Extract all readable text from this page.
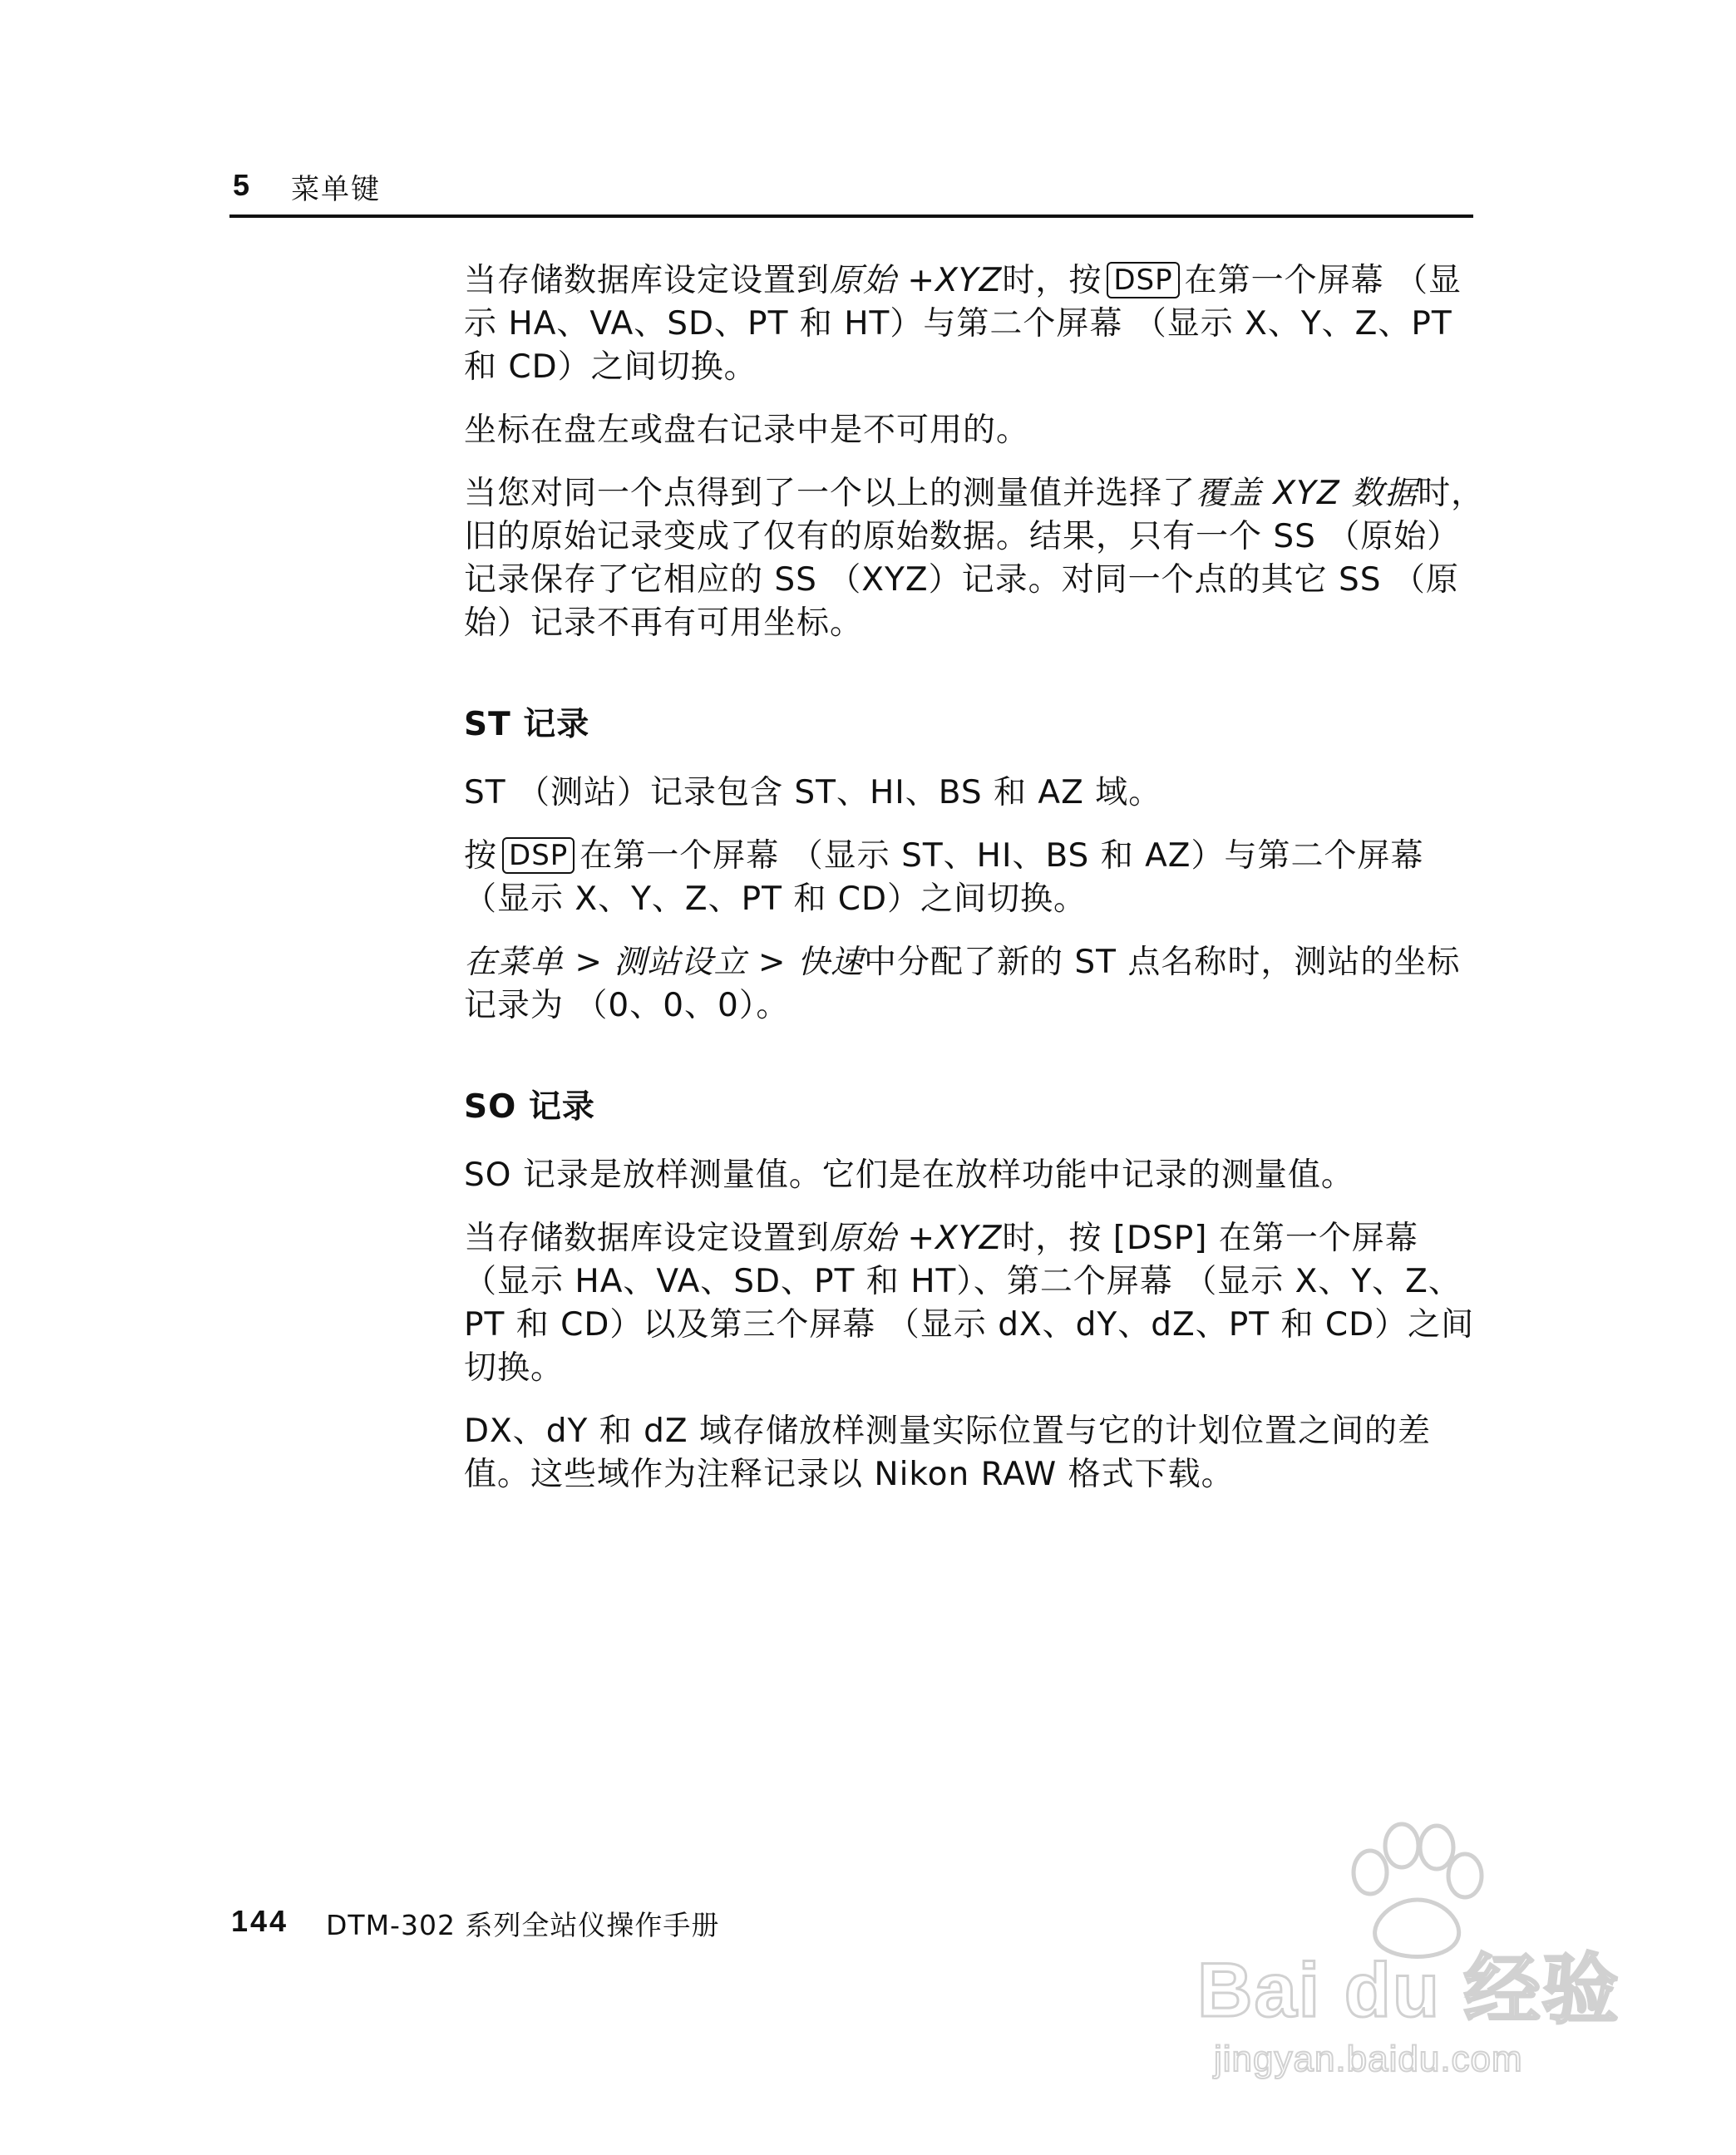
5 菜单键

当存储数据库设定设置到原始 +XYZ时，按 DSP 在第一个屏幕 （显示 HA、VA、SD、PT 和 HT）与第二个屏幕 （显示 X、Y、Z、PT 和 CD）之间切换。

坐标在盘左或盘右记录中是不可用的。

当您对同一个点得到了一个以上的测量值并选择了覆盖 XYZ 数据时，旧的原始记录变成了仅有的原始数据。结果，只有一个 SS （原始）记录保存了它相应的 SS （XYZ）记录。对同一个点的其它 SS （原始）记录不再有可用坐标。

ST 记录

ST （测站）记录包含 ST、HI、BS 和 AZ 域。

按 DSP 在第一个屏幕 （显示 ST、HI、BS 和 AZ）与第二个屏幕 （显示 X、Y、Z、PT 和 CD）之间切换。

在菜单 > 测站设立 > 快速中分配了新的 ST 点名称时，测站的坐标记录为 （0、0、0）。

SO 记录

SO 记录是放样测量值。它们是在放样功能中记录的测量值。

当存储数据库设定设置到原始 +XYZ时，按 [DSP] 在第一个屏幕 （显示 HA、VA、SD、PT 和 HT）、第二个屏幕 （显示 X、Y、Z、PT 和 CD）以及第三个屏幕 （显示 dX、dY、dZ、PT 和 CD）之间切换。

DX、dY 和 dZ 域存储放样测量实际位置与它的计划位置之间的差值。这些域作为注释记录以 Nikon RAW 格式下载。

144 DTM-302 系列全站仪操作手册
Bai du 经验
jingyan.baidu.com
